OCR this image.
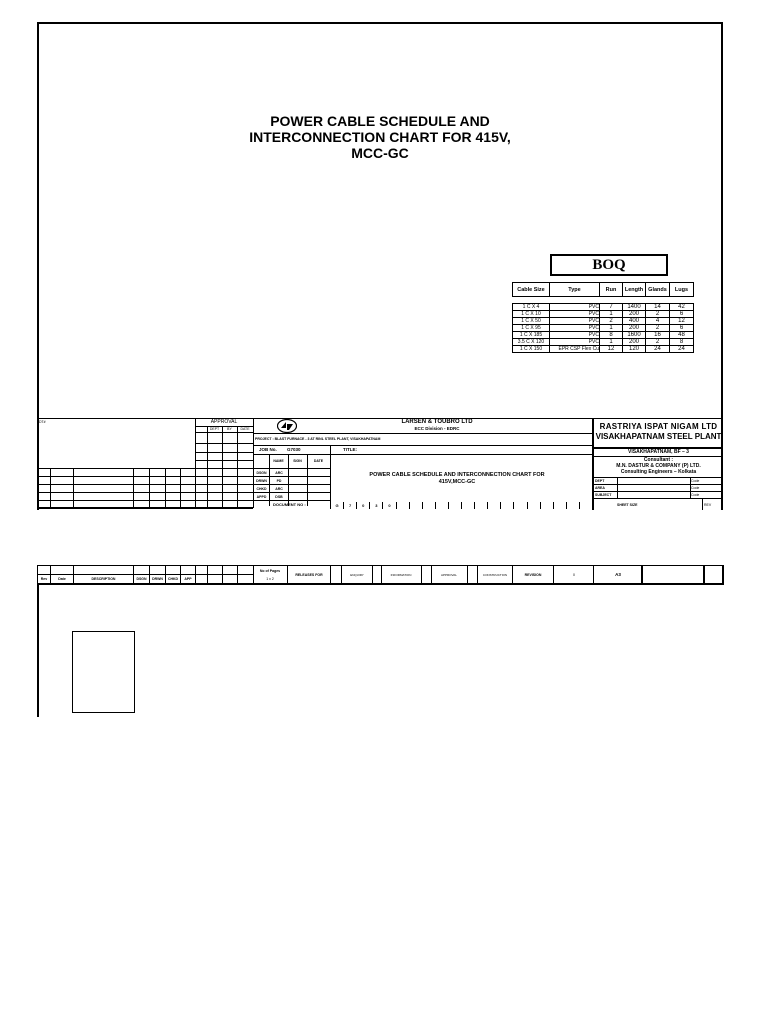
POWER CABLE SCHEDULE AND
INTERCONNECTION CHART FOR 415V,
MCC-GC
BOQ
Cable Size	Type	Run	Length	Glands	Lugs
1 C X 4	PVC	7	1400	14	42
1 C X 10	PVC	1	200	2	6
1 C X 50	PVC	2	400	4	12
1 C X 95	PVC	1	200	2	6
1 C X 185	PVC	8	1600	16	48
3.5 C X 120	PVC	1	200	2	8
1 C X 150	EPR CSP Flex Cu	12	120	24	24
DT#	APPROVAL
DEPT	BY	DATE
LARSEN & TOUBRO LTD
ECC Division - EDRC
PROJECT : BLAST FURNACE - 3 AT RINL STEEL PLANT, VISAKHAPATNAM
JOB No. G7030	TITLE:
NAME	SIGN	DATE
DSGN	ARC
DRWN	PD
CHKD	ARC
APPD	DSB
POWER CABLE SCHEDULE AND INTERCONNECTION CHART FOR 415V,MCC-GC
DOCUMENT NO :	G	7	0	3	0
RASTRIYA ISPAT NIGAM LTD
VISAKHAPATNAM STEEL PLANT
VISAKHAPATNAM, BF – 3
Consultant :
M.N. DASTUR & COMPANY (P) LTD.
Consulting Engineers – Kolkata
DEPT
AREA
SUBJECT
Code
Code
Code
SHEET SIZE	REV
Rev	Date	DESCRIPTION	DSGN	DRWN	CHKD	APP
No of Pages
1 x 2
RELEASES FOR	ENQUIRY	INFORMATION	APPROVAL	CONSTRUCTION	REVISION	0	A3
